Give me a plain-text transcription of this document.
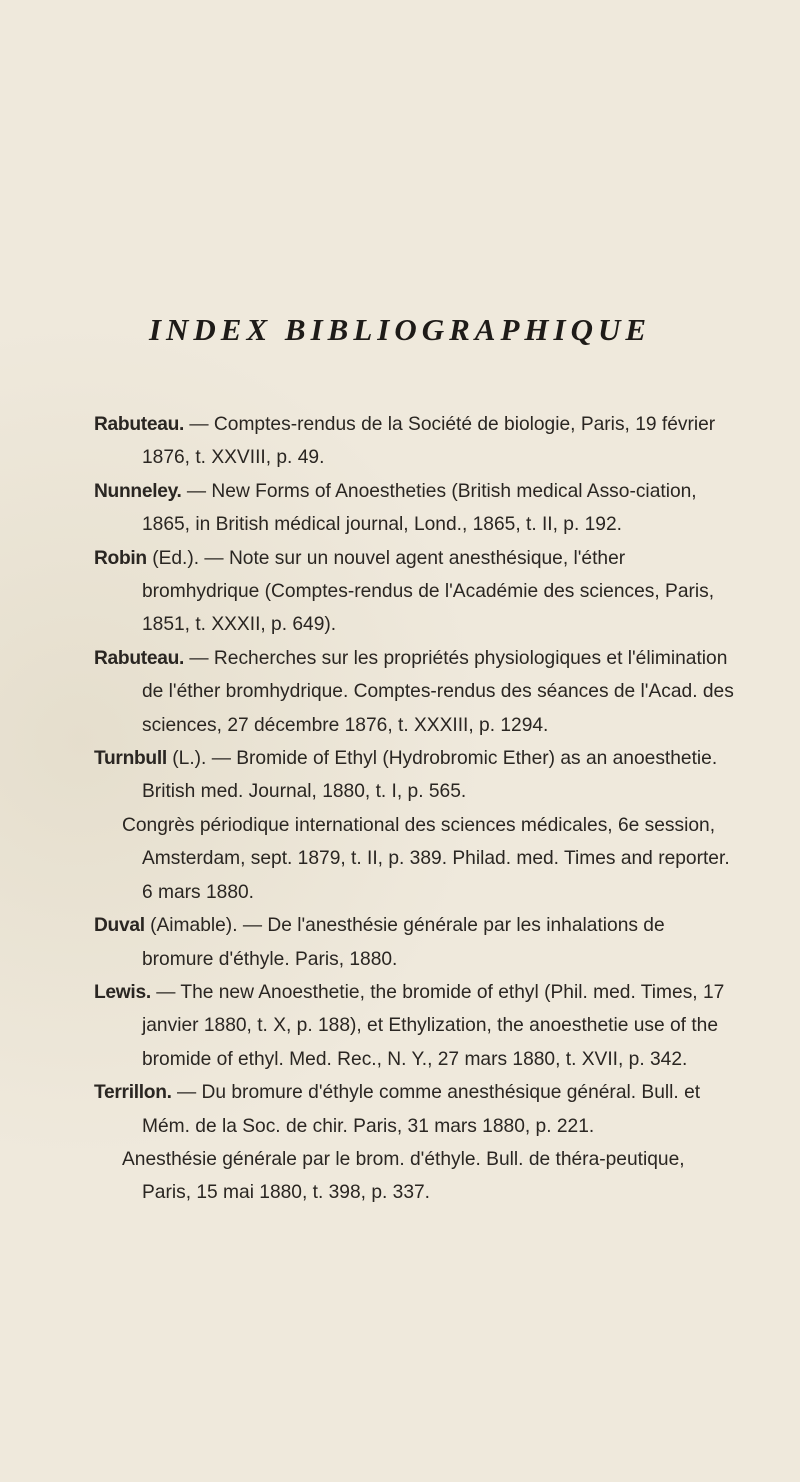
INDEX BIBLIOGRAPHIQUE

Rabuteau. — Comptes-rendus de la Société de biologie, Paris, 19 février 1876, t. XXVIII, p. 49.

Nunneley. — New Forms of Anoestheties (British medical Asso-ciation, 1865, in British médical journal, Lond., 1865, t. II, p. 192.

Robin (Ed.). — Note sur un nouvel agent anesthésique, l'éther bromhydrique (Comptes-rendus de l'Académie des sciences, Paris, 1851, t. XXXII, p. 649).

Rabuteau. — Recherches sur les propriétés physiologiques et l'élimination de l'éther bromhydrique. Comptes-rendus des séances de l'Acad. des sciences, 27 décembre 1876, t. XXXIII, p. 1294.

Turnbull (L.). — Bromide of Ethyl (Hydrobromic Ether) as an anoesthetie. British med. Journal, 1880, t. I, p. 565.

Congrès périodique international des sciences médicales, 6e session, Amsterdam, sept. 1879, t. II, p. 389. Philad. med. Times and reporter. 6 mars 1880.

Duval (Aimable). — De l'anesthésie générale par les inhalations de bromure d'éthyle. Paris, 1880.

Lewis. — The new Anoesthetie, the bromide of ethyl (Phil. med. Times, 17 janvier 1880, t. X, p. 188), et Ethylization, the anoesthetie use of the bromide of ethyl. Med. Rec., N. Y., 27 mars 1880, t. XVII, p. 342.

Terrillon. — Du bromure d'éthyle comme anesthésique général. Bull. et Mém. de la Soc. de chir. Paris, 31 mars 1880, p. 221.

Anesthésie générale par le brom. d'éthyle. Bull. de théra-peutique, Paris, 15 mai 1880, t. 398, p. 337.
